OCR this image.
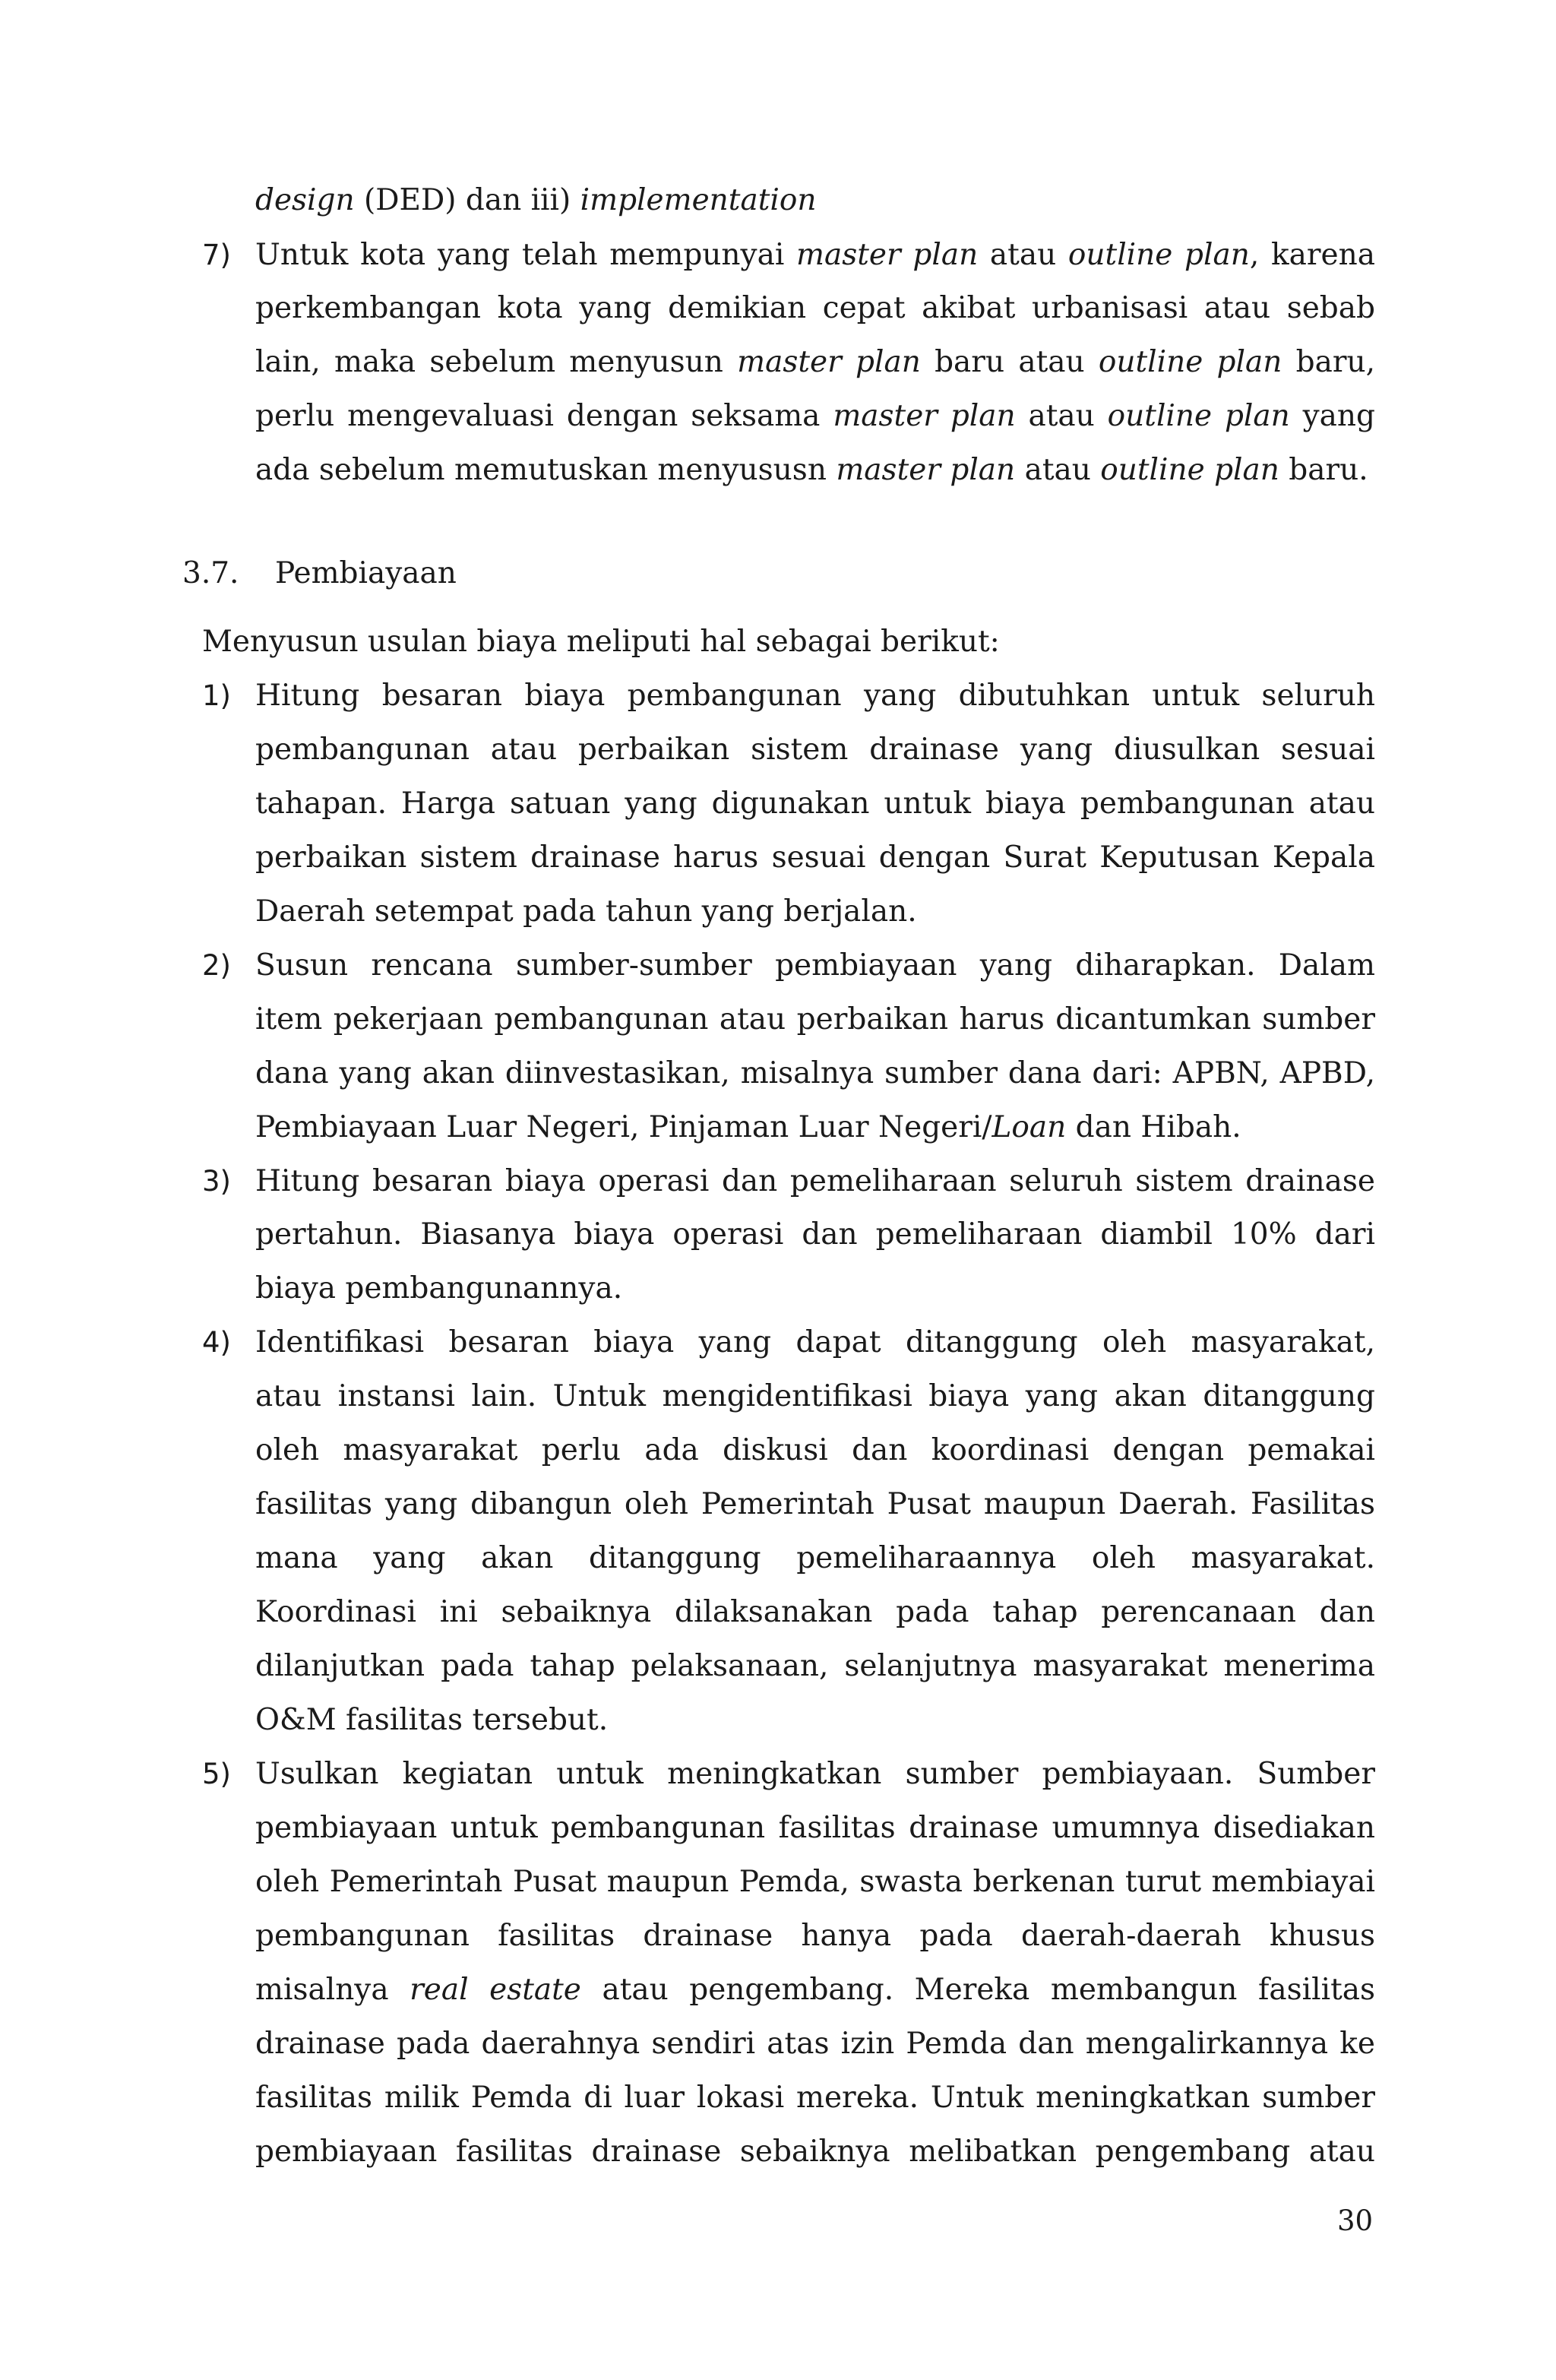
design (DED) dan iii) implementation
7) Untuk kota yang telah mempunyai master plan atau outline plan, karena
perkembangan kota yang demikian cepat akibat urbanisasi atau sebab
lain, maka sebelum menyusun master plan baru atau outline plan baru,
perlu mengevaluasi dengan seksama master plan atau outline plan yang
ada sebelum memutuskan menyususn master plan atau outline plan baru.
3.7. Pembiayaan
Menyusun usulan biaya meliputi hal sebagai berikut:
1) Hitung besaran biaya pembangunan yang dibutuhkan untuk seluruh
pembangunan atau perbaikan sistem drainase yang diusulkan sesuai
tahapan. Harga satuan yang digunakan untuk biaya pembangunan atau
perbaikan sistem drainase harus sesuai dengan Surat Keputusan Kepala
Daerah setempat pada tahun yang berjalan.
2) Susun rencana sumber-sumber pembiayaan yang diharapkan. Dalam
item pekerjaan pembangunan atau perbaikan harus dicantumkan sumber
dana yang akan diinvestasikan, misalnya sumber dana dari: APBN, APBD,
Pembiayaan Luar Negeri, Pinjaman Luar Negeri/Loan dan Hibah.
3) Hitung besaran biaya operasi dan pemeliharaan seluruh sistem drainase
pertahun. Biasanya biaya operasi dan pemeliharaan diambil 10% dari
biaya pembangunannya.
4) Identifikasi besaran biaya yang dapat ditanggung oleh masyarakat,
atau instansi lain. Untuk mengidentifikasi biaya yang akan ditanggung
oleh masyarakat perlu ada diskusi dan koordinasi dengan pemakai
fasilitas yang dibangun oleh Pemerintah Pusat maupun Daerah. Fasilitas
mana yang akan ditanggung pemeliharaannya oleh masyarakat.
Koordinasi ini sebaiknya dilaksanakan pada tahap perencanaan dan
dilanjutkan pada tahap pelaksanaan, selanjutnya masyarakat menerima
O&M fasilitas tersebut.
5) Usulkan kegiatan untuk meningkatkan sumber pembiayaan. Sumber
pembiayaan untuk pembangunan fasilitas drainase umumnya disediakan
oleh Pemerintah Pusat maupun Pemda, swasta berkenan turut membiayai
pembangunan fasilitas drainase hanya pada daerah-daerah khusus
misalnya real estate atau pengembang. Mereka membangun fasilitas
drainase pada daerahnya sendiri atas izin Pemda dan mengalirkannya ke
fasilitas milik Pemda di luar lokasi mereka. Untuk meningkatkan sumber
pembiayaan fasilitas drainase sebaiknya melibatkan pengembang atau
30
